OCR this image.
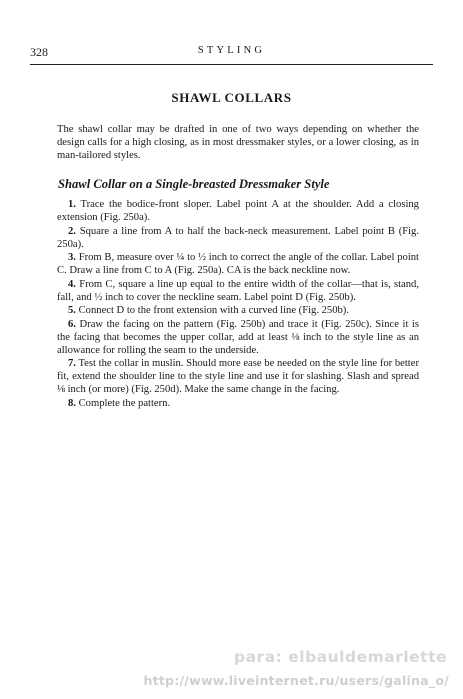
328	STYLING
SHAWL COLLARS

The shawl collar may be drafted in one of two ways depending on whether the design calls for a high closing, as in most dressmaker styles, or a lower closing, as in man-tailored styles.

Shawl Collar on a Single-breasted Dressmaker Style
1. Trace the bodice-front sloper. Label point A at the shoulder. Add a closing extension (Fig. 250a).
2. Square a line from A to half the back-neck measurement. Label point B (Fig. 250a).
3. From B, measure over ¼ to ½ inch to correct the angle of the collar. Label point C. Draw a line from C to A (Fig. 250a). CA is the back neckline now.
4. From C, square a line up equal to the entire width of the collar—that is, stand, fall, and ½ inch to cover the neckline seam. Label point D (Fig. 250b).
5. Connect D to the front extension with a curved line (Fig. 250b).
6. Draw the facing on the pattern (Fig. 250b) and trace it (Fig. 250c). Since it is the facing that becomes the upper collar, add at least ⅛ inch to the style line as an allowance for rolling the seam to the underside.
7. Test the collar in muslin. Should more ease be needed on the style line for better fit, extend the shoulder line to the style line and use it for slashing. Slash and spread ⅛ inch (or more) (Fig. 250d). Make the same change in the facing.
8. Complete the pattern.
para: elbauldemarlette
http://www.liveinternet.ru/users/galina_o/
